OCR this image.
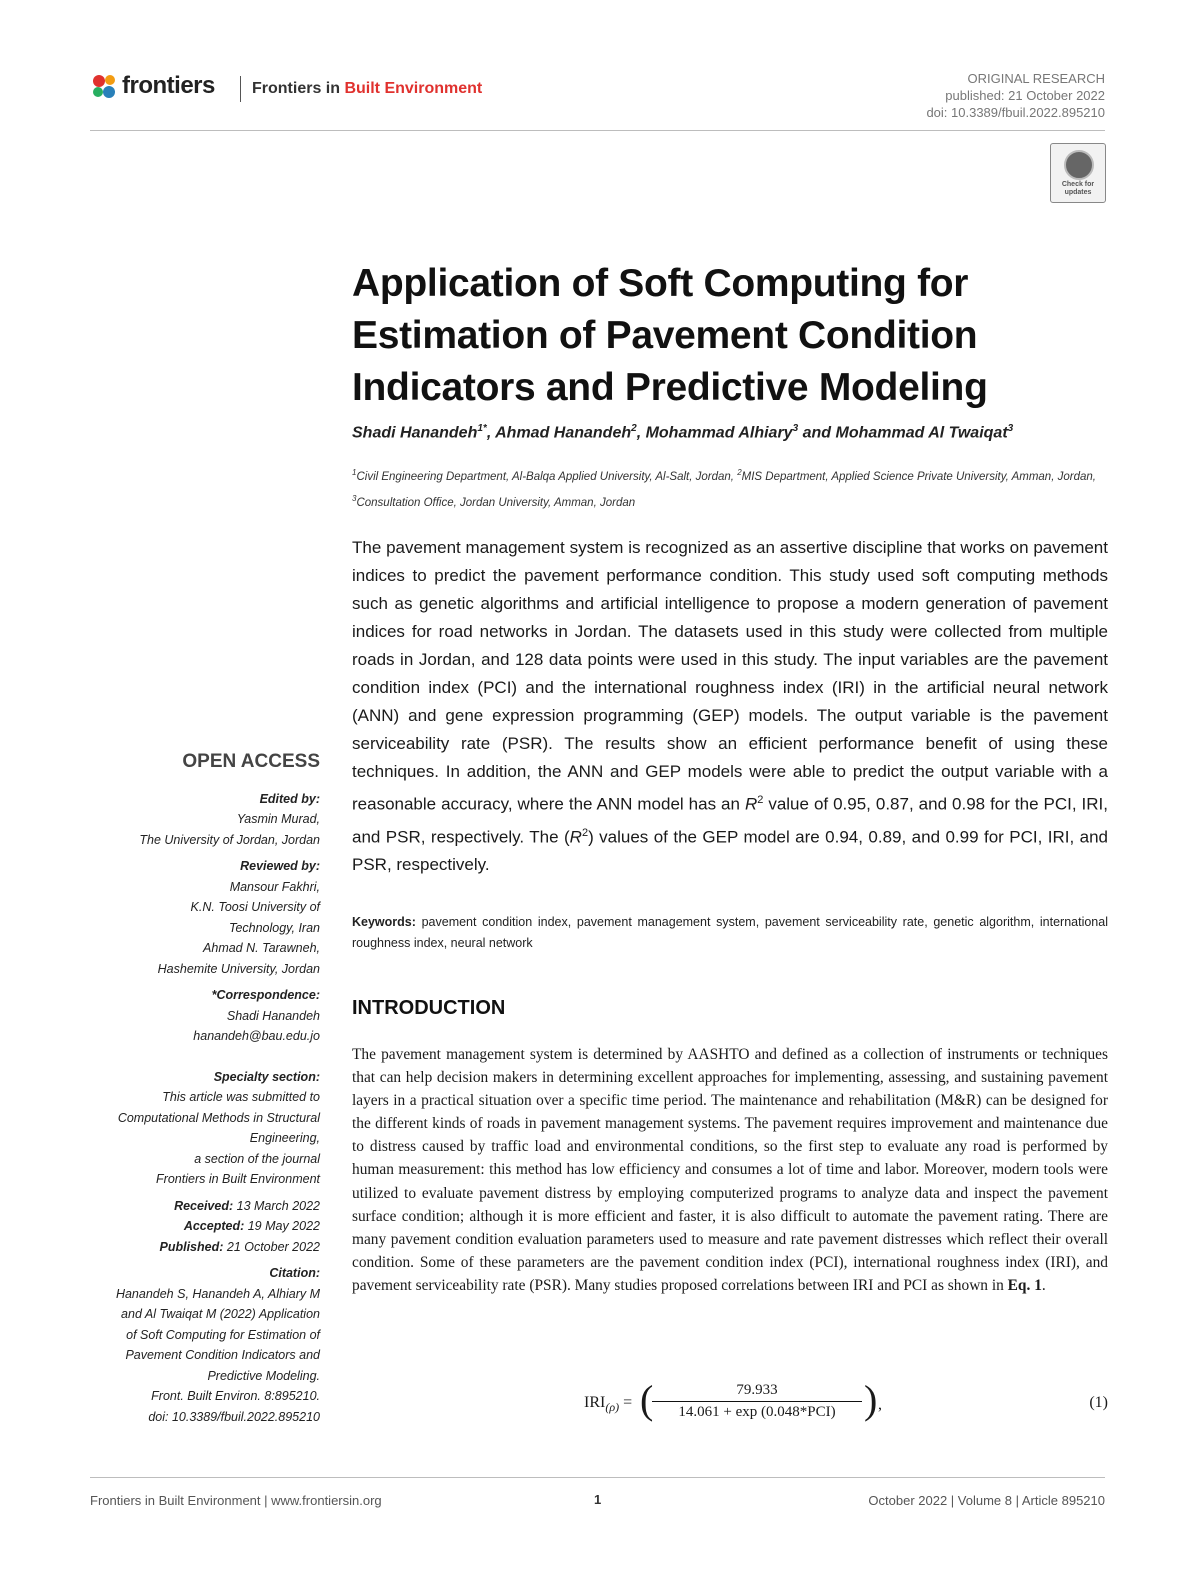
frontiers Frontiers in Built Environment
ORIGINAL RESEARCH
published: 21 October 2022
doi: 10.3389/fbuil.2022.895210
Check for updates
Application of Soft Computing for Estimation of Pavement Condition Indicators and Predictive Modeling
Shadi Hanandeh$^{1*}$, Ahmad Hanandeh$^2$, Mohammad Alhiary$^3$ and Mohammad Al Twaiqat$^3$
$^1$Civil Engineering Department, Al-Balqa Applied University, Al-Salt, Jordan, $^2$MIS Department, Applied Science Private University, Amman, Jordan, $^3$Consultation Office, Jordan University, Amman, Jordan
The pavement management system is recognized as an assertive discipline that works on pavement indices to predict the pavement performance condition. This study used soft computing methods such as genetic algorithms and artificial intelligence to propose a modern generation of pavement indices for road networks in Jordan. The datasets used in this study were collected from multiple roads in Jordan, and 128 data points were used in this study. The input variables are the pavement condition index (PCI) and the international roughness index (IRI) in the artificial neural network (ANN) and gene expression programming (GEP) models. The output variable is the pavement serviceability rate (PSR). The results show an efficient performance benefit of using these techniques. In addition, the ANN and GEP models were able to predict the output variable with a reasonable accuracy, where the ANN model has an $R^2$ value of 0.95, 0.87, and 0.98 for the PCI, IRI, and PSR, respectively. The $(R^2)$ values of the GEP model are 0.94, 0.89, and 0.99 for PCI, IRI, and PSR, respectively.
Keywords: pavement condition index, pavement management system, pavement serviceability rate, genetic algorithm, international roughness index, neural network
INTRODUCTION
The pavement management system is determined by AASHTO and defined as a collection of instruments or techniques that can help decision makers in determining excellent approaches for implementing, assessing, and sustaining pavement layers in a practical situation over a specific time period. The maintenance and rehabilitation (M&R) can be designed for the different kinds of roads in pavement management systems. The pavement requires improvement and maintenance due to distress caused by traffic load and environmental conditions, so the first step to evaluate any road is performed by human measurement: this method has low efficiency and consumes a lot of time and labor. Moreover, modern tools were utilized to evaluate pavement distress by employing computerized programs to analyze data and inspect the pavement surface condition; although it is more efficient and faster, it is also difficult to automate the pavement rating. There are many pavement condition evaluation parameters used to measure and rate pavement distresses which reflect their overall condition. Some of these parameters are the pavement condition index (PCI), international roughness index (IRI), and pavement serviceability rate (PSR). Many studies proposed correlations between IRI and PCI as shown in Eq. 1.
$IRI_{(\rho)}$ = (	79.933
14.061 + exp (0.048*PCI) ) ,	(1)
OPEN ACCESS
Edited by:
Yasmin Murad,
The University of Jordan, Jordan
Reviewed by:
Mansour Fakhri,
K.N. Toosi University of
Technology, Iran
Ahmad N. Tarawneh,
Hashemite University, Jordan
*Correspondence:
Shadi Hanandeh
hanandeh@bau.edu.jo
Specialty section:
This article was submitted to
Computational Methods in Structural
Engineering,
a section of the journal
Frontiers in Built Environment
Received: 13 March 2022
Accepted: 19 May 2022
Published: 21 October 2022
Citation:
Hanandeh S, Hanandeh A, Alhiary M
and Al Twaiqat M (2022) Application
of Soft Computing for Estimation of
Pavement Condition Indicators and
Predictive Modeling.
Front. Built Environ. 8:895210.
doi: 10.3389/fbuil.2022.895210
Frontiers in Built Environment | www.frontiersin.org	1	October 2022 | Volume 8 | Article 895210
